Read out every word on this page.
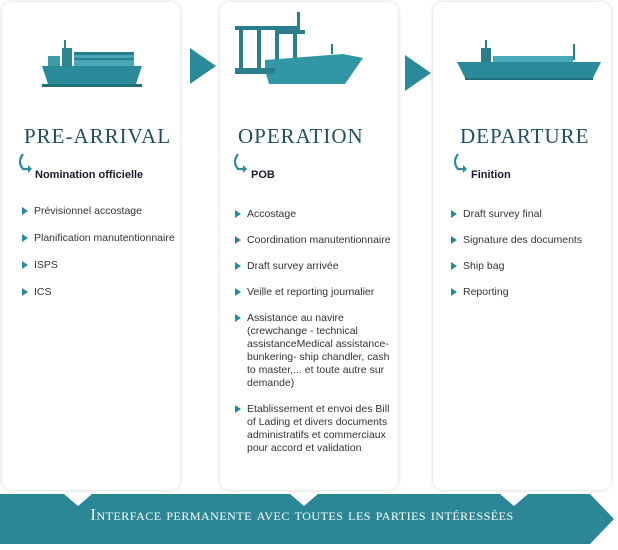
PRE-ARRIVAL
Nomination officielle
Prévisionnel accostage
Planification manutentionnaire
ISPS
ICS
OPERATION
POB
Accostage
Coordination manutentionnaire
Draft survey arrivée
Veille et reporting journalier
Assistance au navire (crewchange - technical assistanceMedical assistance- bunkering- ship chandler, cash to master,... et toute autre sur demande)
Etablissement et envoi des Bill of Lading et divers documents administratifs et commerciaux pour accord et validation
DEPARTURE
Finition
Draft survey final
Signature des documents
Ship bag
Reporting
Interface permanente avec toutes les parties intéressées
